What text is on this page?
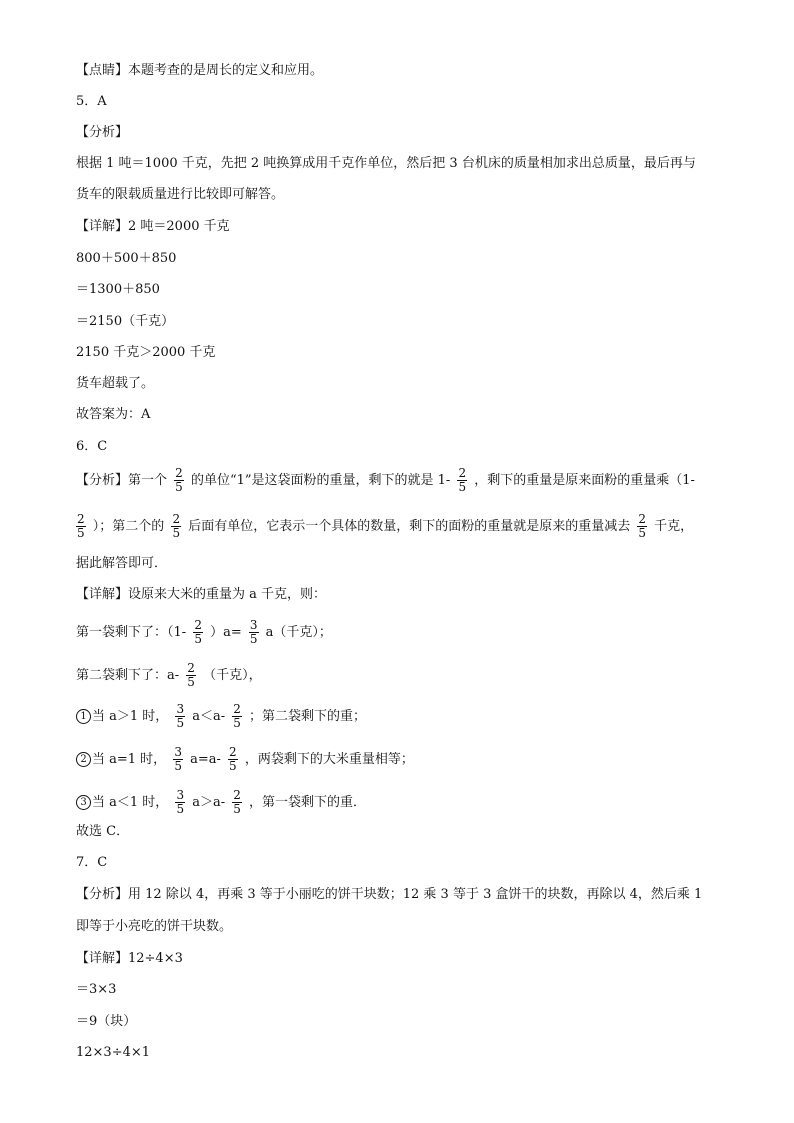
【点睛】本题考查的是周长的定义和应用。
5．A
【分析】
根据 1 吨＝1000 千克，先把 2 吨换算成用千克作单位，然后把 3 台机床的质量相加求出总质量，最后再与
货车的限载质量进行比较即可解答。
【详解】2 吨＝2000 千克
800＋500＋850
＝1300＋850
＝2150（千克）
2150 千克＞2000 千克
货车超载了。
故答案为：A
6．C
【分析】第一个 $\frac{2}{5}$ 的单位“1”是这袋面粉的重量，剩下的就是 $1- \frac{2}{5}$ ，剩下的重量是原来面粉的重量乘（1-
$\frac{2}{5}$ ）；第二个的 $\frac{2}{5}$ 后面有单位，它表示一个具体的数量，剩下的面粉的重量就是原来的重量减去 $\frac{2}{5}$ 千克，
据此解答即可．
【详解】设原来大米的重量为 a 千克，则：
第一袋剩下了：$(1- \frac{2}{5} )a= \frac{3}{5} a$（千克）；
第二袋剩下了：$a- \frac{2}{5}$ （千克），
1 当 a＞1 时， $\frac{3}{5} a<a- \frac{2}{5}$ ；第二袋剩下的重；
2 当 a=1 时， $\frac{3}{5} a=a- \frac{2}{5}$ ，两袋剩下的大米重量相等；
3 当 a＜1 时， $\frac{3}{5} a>a- \frac{2}{5}$ ，第一袋剩下的重．
故选 C．
7．C
【分析】用 12 除以 4，再乘 3 等于小丽吃的饼干块数；12 乘 3 等于 3 盒饼干的块数，再除以 4，然后乘 1
即等于小亮吃的饼干块数。
【详解】12÷4×3
＝3×3
＝9（块）
12×3÷4×1
